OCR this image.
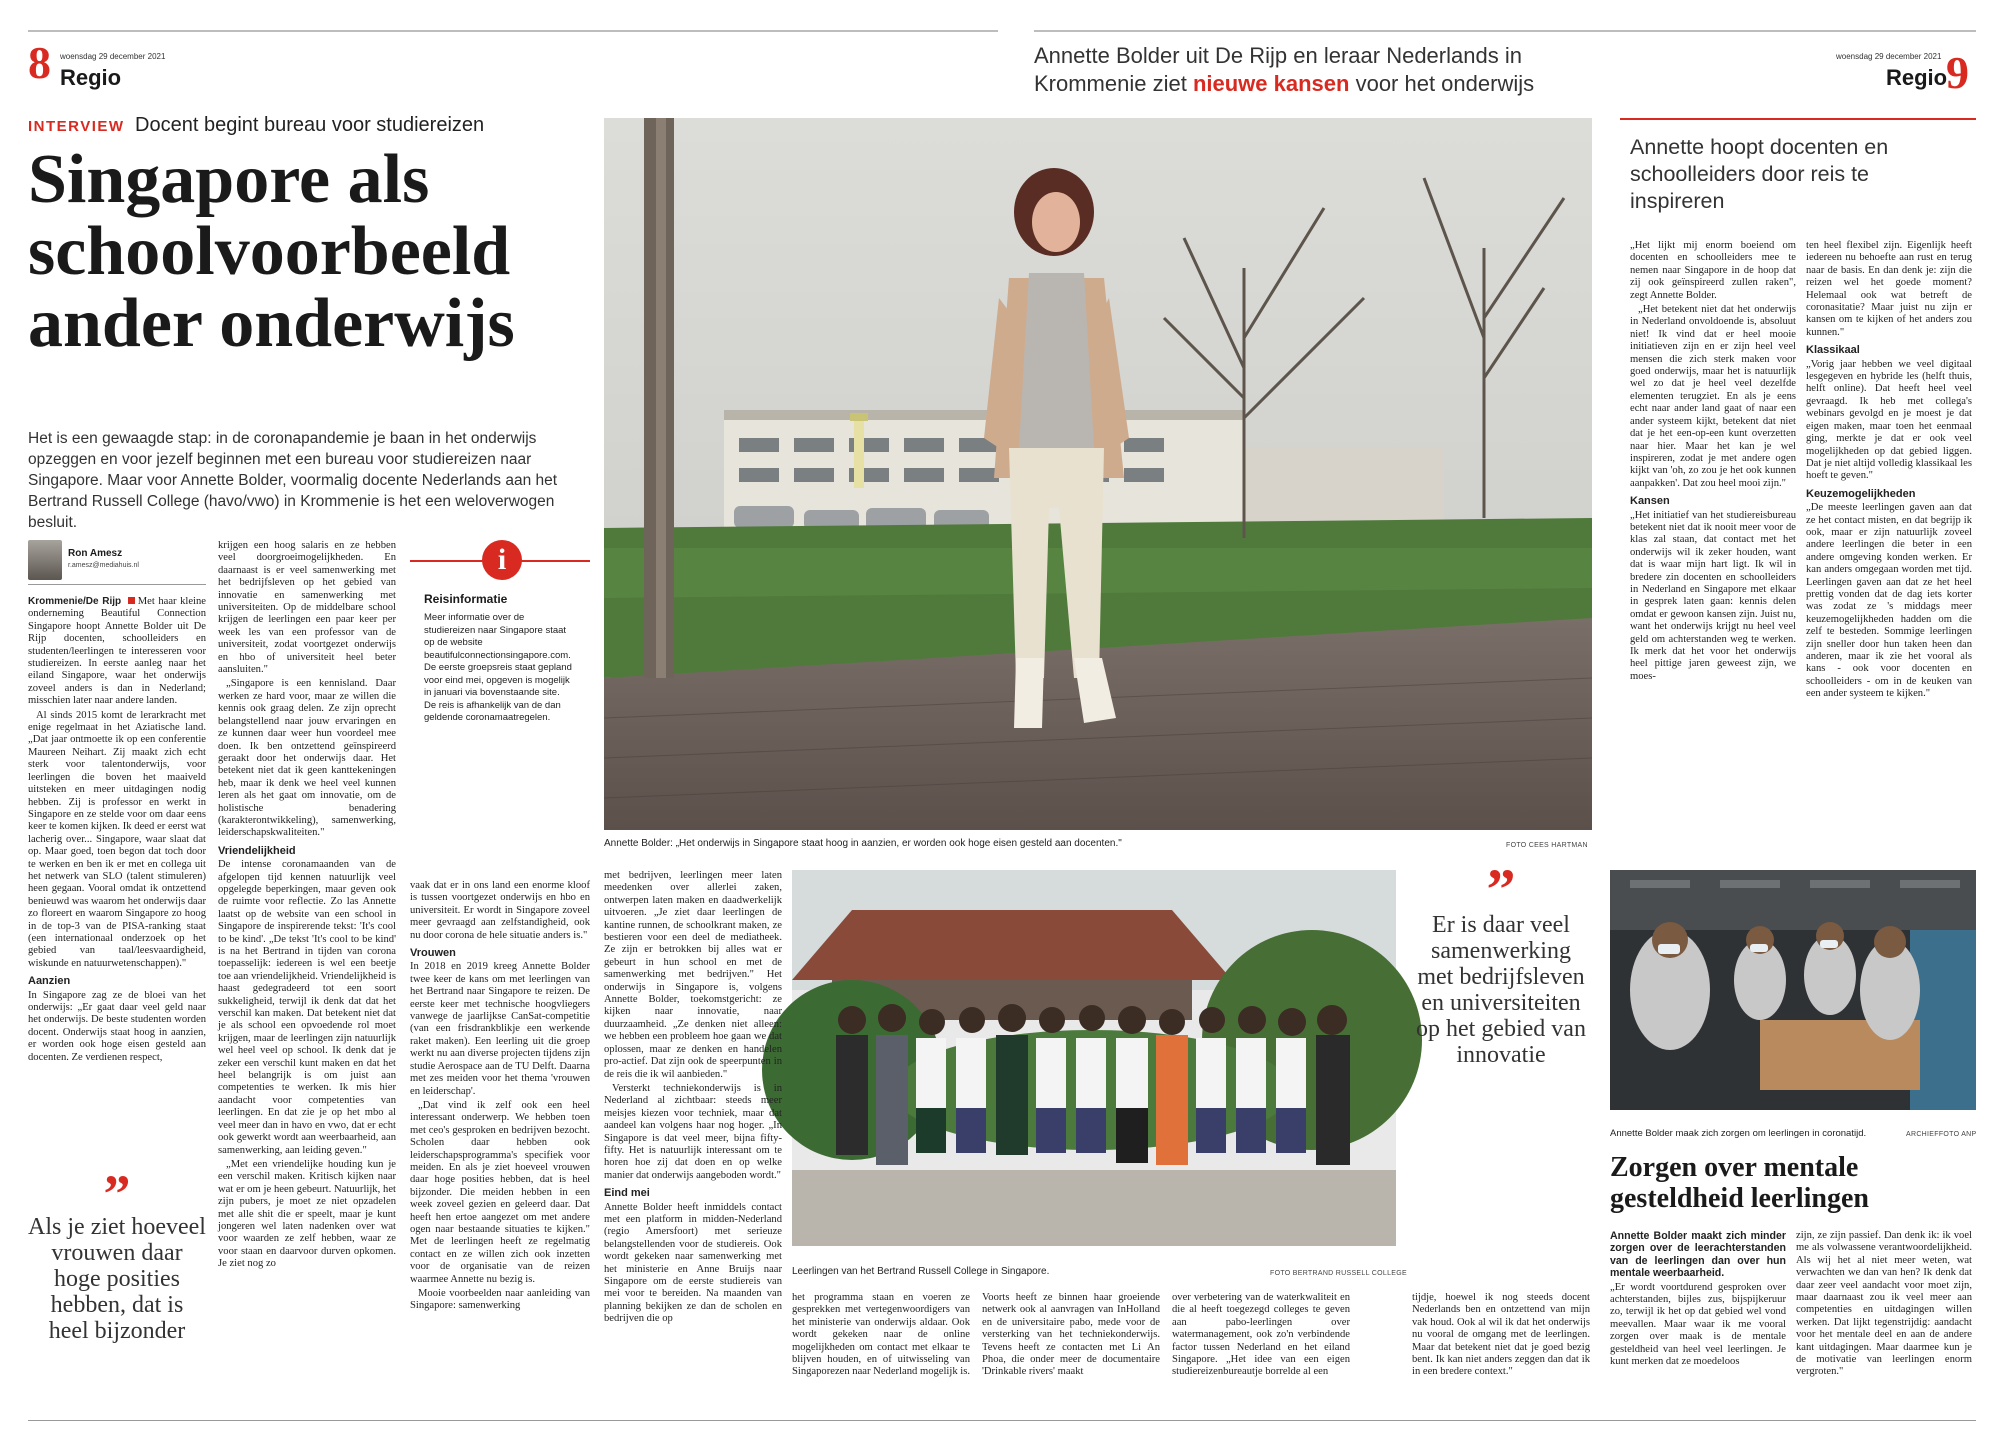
8 woensdag 29 december 2021
Regio
Annette Bolder uit De Rijp en leraar Nederlands in Krommenie ziet nieuwe kansen voor het onderwijs
woensdag 29 december 2021
Regio
9
INTERVIEW Docent begint bureau voor studiereizen
Singapore als schoolvoorbeeld ander onderwijs
Het is een gewaagde stap: in de coronapandemie je baan in het onderwijs opzeggen en voor jezelf beginnen met een bureau voor studiereizen naar Singapore. Maar voor Annette Bolder, voormalig docente Nederlands aan het Bertrand Russell College (havo/vwo) in Krommenie is het een weloverwogen besluit.
Ron Amesz
r.amesz@mediahuis.nl

Krommenie/De Rijp Met haar kleine onderneming Beautiful Connection Singapore hoopt Annette Bolder uit De Rijp docenten, schoolleiders en studenten/leerlingen te interesseren voor studiereizen. In eerste aanleg naar het eiland Singapore, waar het onderwijs zoveel anders is dan in Nederland; misschien later naar andere landen.

Al sinds 2015 komt de lerarkracht met enige regelmaat in het Aziatische land. „Dat jaar ontmoette ik op een conferentie Maureen Neihart. Zij maakt zich echt sterk voor talentonderwijs, voor leerlingen die boven het maaiveld uitsteken en meer uitdagingen nodig hebben. Zij is professor en werkt in Singapore en ze stelde voor om daar eens keer te komen kijken. Ik deed er eerst wat lacherig over... Singapore, waar slaat dat op. Maar goed, toen begon dat toch door te werken en ben ik er met en collega uit het netwerk van SLO (talent stimuleren) heen gegaan. Vooral omdat ik ontzettend benieuwd was waarom het onderwijs daar zo floreert en waarom Singapore zo hoog in de top-3 van de PISA-ranking staat (een internationaal onderzoek op het gebied van taal/leesvaardigheid, wiskunde en natuurwetenschappen)."

Aanzien

In Singapore zag ze de bloei van het onderwijs: „Er gaat daar veel geld naar het onderwijs. De beste studenten worden docent. Onderwijs staat hoog in aanzien, er worden ook hoge eisen gesteld aan docenten. Ze verdienen respect,

”
Als je ziet hoeveel vrouwen daar hoge posities hebben, dat is heel bijzonder

krijgen een hoog salaris en ze hebben veel doorgroeimogelijkheden. En daarnaast is er veel samenwerking met het bedrijfsleven op het gebied van innovatie en samenwerking met universiteiten. Op de middelbare school krijgen de leerlingen een paar keer per week les van een professor van de universiteit, zodat voortgezet onderwijs en hbo of universiteit heel beter aansluiten."

„Singapore is een kennisland. Daar werken ze hard voor, maar ze willen die kennis ook graag delen. Ze zijn oprecht belangstellend naar jouw ervaringen en ze kunnen daar weer hun voordeel mee doen. Ik ben ontzettend geïnspireerd geraakt door het onderwijs daar. Het betekent niet dat ik geen kanttekeningen heb, maar ik denk we heel veel kunnen leren als het gaat om innovatie, om de holistische benadering (karakterontwikkeling), samenwerking, leiderschapskwaliteiten."

Vriendelijkheid

De intense coronamaanden van de afgelopen tijd kennen natuurlijk veel opgelegde beperkingen, maar geven ook de ruimte voor reflectie. Zo las Annette laatst op de website van een school in Singapore de inspirerende tekst: 'It's cool to be kind'. „De tekst 'It's cool to be kind' is na het Bertrand in tijden van corona toepasselijk: iedereen is wel een beetje toe aan vriendelijkheid. Vriendelijkheid is haast gedegradeerd tot een soort sukkeligheid, terwijl ik denk dat dat het verschil kan maken. Dat betekent niet dat je als school een opvoedende rol moet krijgen, maar de leerlingen zijn natuurlijk wel heel veel op school. Ik denk dat je zeker een verschil kunt maken en dat het heel belangrijk is om juist aan competenties te werken. Ik mis hier aandacht voor competenties van leerlingen. En dat zie je op het mbo al veel meer dan in havo en vwo, dat er echt ook gewerkt wordt aan weerbaarheid, aan samenwerking, aan leiding geven."

„Met een vriendelijke houding kun je een verschil maken. Kritisch kijken naar wat er om je heen gebeurt. Natuurlijk, het zijn pubers, je moet ze niet opzadelen met alle shit die er speelt, maar je kunt jongeren wel laten nadenken over wat voor waarden ze zelf hebben, waar ze voor staan en daarvoor durven opkomen. Je ziet nog zo

i
Reisinformatie
Meer informatie over de studiereizen naar Singapore staat op de website beautifulconnectionsingapore.com. De eerste groepsreis staat gepland voor eind mei, opgeven is mogelijk in januari via bovenstaande site. De reis is afhankelijk van de dan geldende coronamaatregelen.

vaak dat er in ons land een enorme kloof is tussen voortgezet onderwijs en hbo en universiteit. Er wordt in Singapore zoveel meer gevraagd aan zelfstandigheid, ook nu door corona de hele situatie anders is."

Vrouwen

In 2018 en 2019 kreeg Annette Bolder twee keer de kans om met leerlingen van het Bertrand naar Singapore te reizen. De eerste keer met technische hoogvliegers vanwege de jaarlijkse CanSat-competitie (van een frisdrankblikje een werkende raket maken). Een leerling uit die groep werkt nu aan diverse projecten tijdens zijn studie Aerospace aan de TU Delft. Daarna met zes meiden voor het thema 'vrouwen en leiderschap'.

„Dat vind ik zelf ook een heel interessant onderwerp. We hebben toen met ceo's gesproken en bedrijven bezocht. Scholen daar hebben ook leiderschapsprogramma's specifiek voor meiden. En als je ziet hoeveel vrouwen daar hoge posities hebben, dat is heel bijzonder. Die meiden hebben in een week zoveel gezien en geleerd daar. Dat heeft hen ertoe aangezet om met andere ogen naar bestaande situaties te kijken." Met de leerlingen heeft ze regelmatig contact en ze willen zich ook inzetten voor de organisatie van de reizen waarmee Annette nu bezig is.

Mooie voorbeelden naar aanleiding van Singapore: samenwerking

Annette Bolder: „Het onderwijs in Singapore staat hoog in aanzien, er worden ook hoge eisen gesteld aan docenten."	FOTO CEES HARTMAN
Leerlingen van het Bertrand Russell College in Singapore.	FOTO BERTRAND RUSSELL COLLEGE

met bedrijven, leerlingen meer laten meedenken over allerlei zaken, ontwerpen laten maken en daadwerkelijk uitvoeren. „Je ziet daar leerlingen de kantine runnen, de schoolkrant maken, ze bestieren voor een deel de mediatheek. Ze zijn er betrokken bij alles wat er gebeurt in hun school en met de samenwerking met bedrijven." Het onderwijs in Singapore is, volgens Annette Bolder, toekomstgericht: ze kijken naar innovatie, naar duurzaamheid. „Ze denken niet alleen: we hebben een probleem hoe gaan we dat oplossen, maar ze denken en handelen pro-actief. Dat zijn ook de speerpunten in de reis die ik wil aanbieden."

Versterkt techniekonderwijs is in Nederland al zichtbaar: steeds meer meisjes kiezen voor techniek, maar dat aandeel kan volgens haar nog hoger. „In Singapore is dat veel meer, bijna fifty-fifty. Het is natuurlijk interessant om te horen hoe zij dat doen en op welke manier dat onderwijs aangeboden wordt."

Eind mei

Annette Bolder heeft inmiddels contact met een platform in midden-Nederland (regio Amersfoort) met serieuze belangstellenden voor de studiereis. Ook wordt gekeken naar samenwerking met het ministerie en Anne Bruijs naar Singapore om de eerste studiereis van mei voor te bereiden. Na maanden van planning bekijken ze dan de scholen en bedrijven die op

het programma staan en voeren ze gesprekken met vertegenwoordigers van het ministerie van onderwijs aldaar. Ook wordt gekeken naar de online mogelijkheden om contact met elkaar te blijven houden, en of uitwisseling van Singaporezen naar Nederland mogelijk is.

Voorts heeft ze binnen haar groeiende netwerk ook al aanvragen van InHolland en de universitaire pabo, mede voor de versterking van het techniekonderwijs. Tevens heeft ze contacten met Li An Phoa, die onder meer de documentaire 'Drinkable rivers' maakt

over verbetering van de waterkwaliteit en die al heeft toegezegd colleges te geven aan pabo-leerlingen over watermanagement, ook zo'n verbindende factor tussen Nederland en het eiland Singapore. „Het idee van een eigen studiereizenbureautje borrelde al een

tijdje, hoewel ik nog steeds docent Nederlands ben en ontzettend van mijn vak houd. Ook al wil ik dat het onderwijs nu vooral de omgang met de leerlingen. Maar dat betekent niet dat je goed bezig bent. Ik kan niet anders zeggen dan dat ik in een bredere context."

”
Er is daar veel samenwerking met bedrijfsleven en universiteiten op het gebied van innovatie
Annette hoopt docenten en schoolleiders door reis te inspireren

„Het lijkt mij enorm boeiend om docenten en schoolleiders mee te nemen naar Singapore in de hoop dat zij ook geïnspireerd zullen raken", zegt Annette Bolder.

„Het betekent niet dat het onderwijs in Nederland onvoldoende is, absoluut niet! Ik vind dat er heel mooie initiatieven zijn en er zijn heel veel mensen die zich sterk maken voor goed onderwijs, maar het is natuurlijk wel zo dat je heel veel dezelfde elementen terugziet. En als je eens echt naar ander land gaat of naar een ander systeem kijkt, betekent dat niet dat je het een-op-een kunt overzetten naar hier. Maar het kan je wel inspireren, zodat je met andere ogen kijkt van 'oh, zo zou je het ook kunnen aanpakken'. Dat zou heel mooi zijn."

Kansen

„Het initiatief van het studiereisbureau betekent niet dat ik nooit meer voor de klas zal staan, dat contact met het onderwijs wil ik zeker houden, want dat is waar mijn hart ligt. Ik wil in bredere zin docenten en schoolleiders in Nederland en Singapore met elkaar in gesprek laten gaan: kennis delen omdat er gewoon kansen zijn. Juist nu, want het onderwijs krijgt nu heel veel geld om achterstanden weg te werken. Ik merk dat het voor het onderwijs heel pittige jaren geweest zijn, we moes-

ten heel flexibel zijn. Eigenlijk heeft iedereen nu behoefte aan rust en terug naar de basis. En dan denk je: zijn die reizen wel het goede moment? Helemaal ook wat betreft de coronasitatie? Maar juist nu zijn er kansen om te kijken of het anders zou kunnen."

Klassikaal

„Vorig jaar hebben we veel digitaal lesgegeven en hybride les (helft thuis, helft online). Dat heeft heel veel gevraagd. Ik heb met collega's webinars gevolgd en je moest je dat eigen maken, maar toen het eenmaal ging, merkte je dat er ook veel mogelijkheden op dat gebied liggen. Dat je niet altijd volledig klassikaal les hoeft te geven."

Keuzemogelijkheden

„De meeste leerlingen gaven aan dat ze het contact misten, en dat begrijp ik ook, maar er zijn natuurlijk zoveel andere leerlingen die beter in een andere omgeving konden werken. Er kan anders omgegaan worden met tijd. Leerlingen gaven aan dat ze het heel prettig vonden dat de dag iets korter was zodat ze 's middags meer keuzemogelijkheden hadden om die zelf te besteden. Sommige leerlingen zijn sneller door hun taken heen dan anderen, maar ik zie het vooral als kans - ook voor docenten en schoolleiders - om in de keuken van een ander systeem te kijken."

Annette Bolder maak zich zorgen om leerlingen in coronatijd.	ARCHIEFFOTO ANP
Zorgen over mentale gesteldheid leerlingen

Annette Bolder maakt zich minder zorgen over de leerachterstanden van de leerlingen dan over hun mentale weerbaarheid.

„Er wordt voortdurend gesproken over achterstanden, bijles zus, bijspijkeruur zo, terwijl ik het op dat gebied wel vond meevallen. Maar waar ik me vooral zorgen over maak is de mentale gesteldheid van heel veel leerlingen. Je kunt merken dat ze moedeloos

zijn, ze zijn passief. Dan denk ik: ik voel me als volwassene verantwoordelijkheid. Als wij het al niet meer weten, wat verwachten we dan van hen? Ik denk dat daar zeer veel aandacht voor moet zijn, maar daarnaast zou ik veel meer aan competenties en uitdagingen willen werken. Dat lijkt tegenstrijdig: aandacht voor het mentale deel en aan de andere kant uitdagingen. Maar daarmee kun je de motivatie van leerlingen enorm vergroten."
